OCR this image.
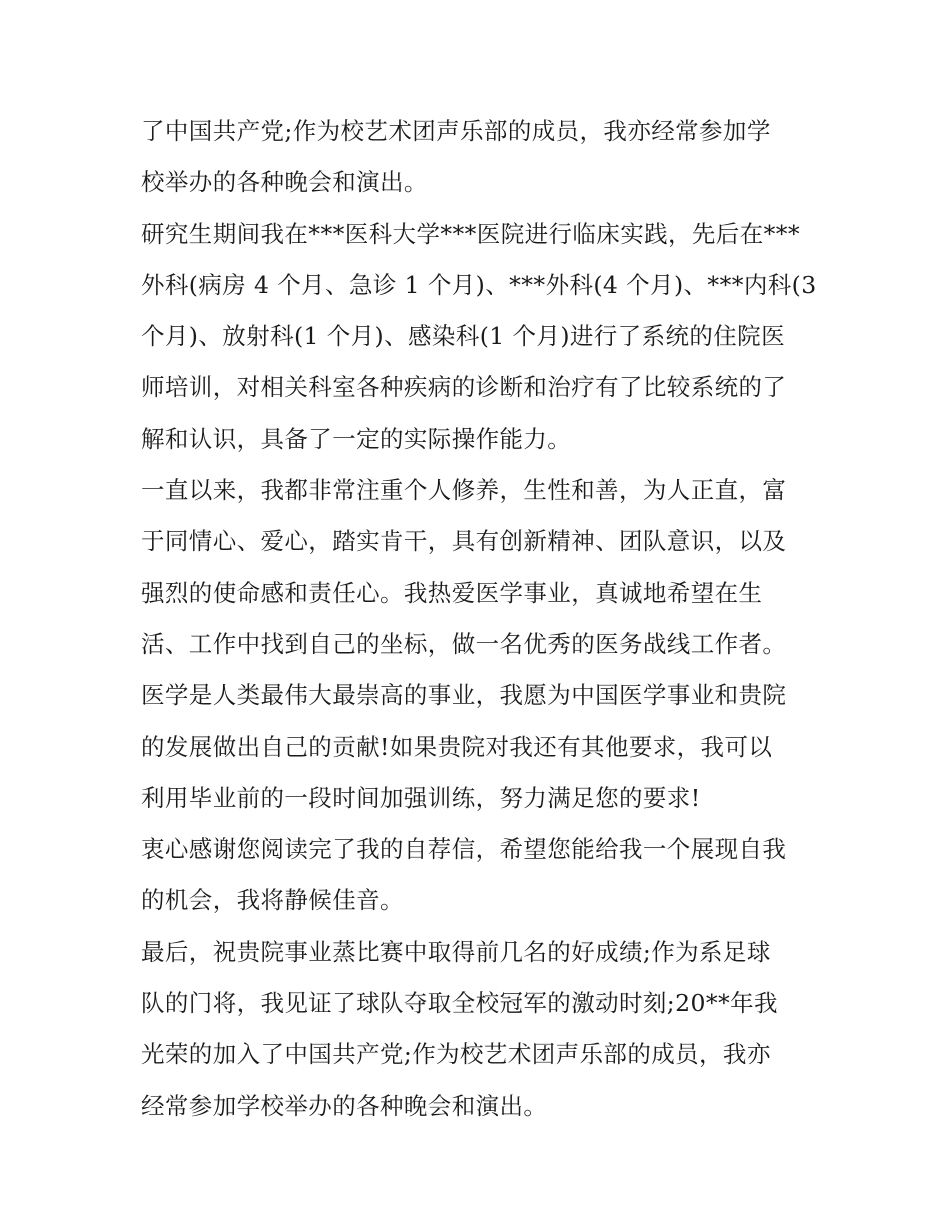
了中国共产党;作为校艺术团声乐部的成员，我亦经常参加学
校举办的各种晚会和演出。
研究生期间我在***医科大学***医院进行临床实践，先后在***
外科(病房 4 个月、急诊 1 个月)、***外科(4 个月)、***内科(3
个月)、放射科(1 个月)、感染科(1 个月)进行了系统的住院医
师培训，对相关科室各种疾病的诊断和治疗有了比较系统的了
解和认识，具备了一定的实际操作能力。
一直以来，我都非常注重个人修养，生性和善，为人正直，富
于同情心、爱心，踏实肯干，具有创新精神、团队意识，以及
强烈的使命感和责任心。我热爱医学事业，真诚地希望在生
活、工作中找到自己的坐标，做一名优秀的医务战线工作者。
医学是人类最伟大最崇高的事业，我愿为中国医学事业和贵院
的发展做出自己的贡献!如果贵院对我还有其他要求，我可以
利用毕业前的一段时间加强训练，努力满足您的要求!
衷心感谢您阅读完了我的自荐信，希望您能给我一个展现自我
的机会，我将静候佳音。
最后，祝贵院事业蒸比赛中取得前几名的好成绩;作为系足球
队的门将，我见证了球队夺取全校冠军的激动时刻;20**年我
光荣的加入了中国共产党;作为校艺术团声乐部的成员，我亦
经常参加学校举办的各种晚会和演出。
